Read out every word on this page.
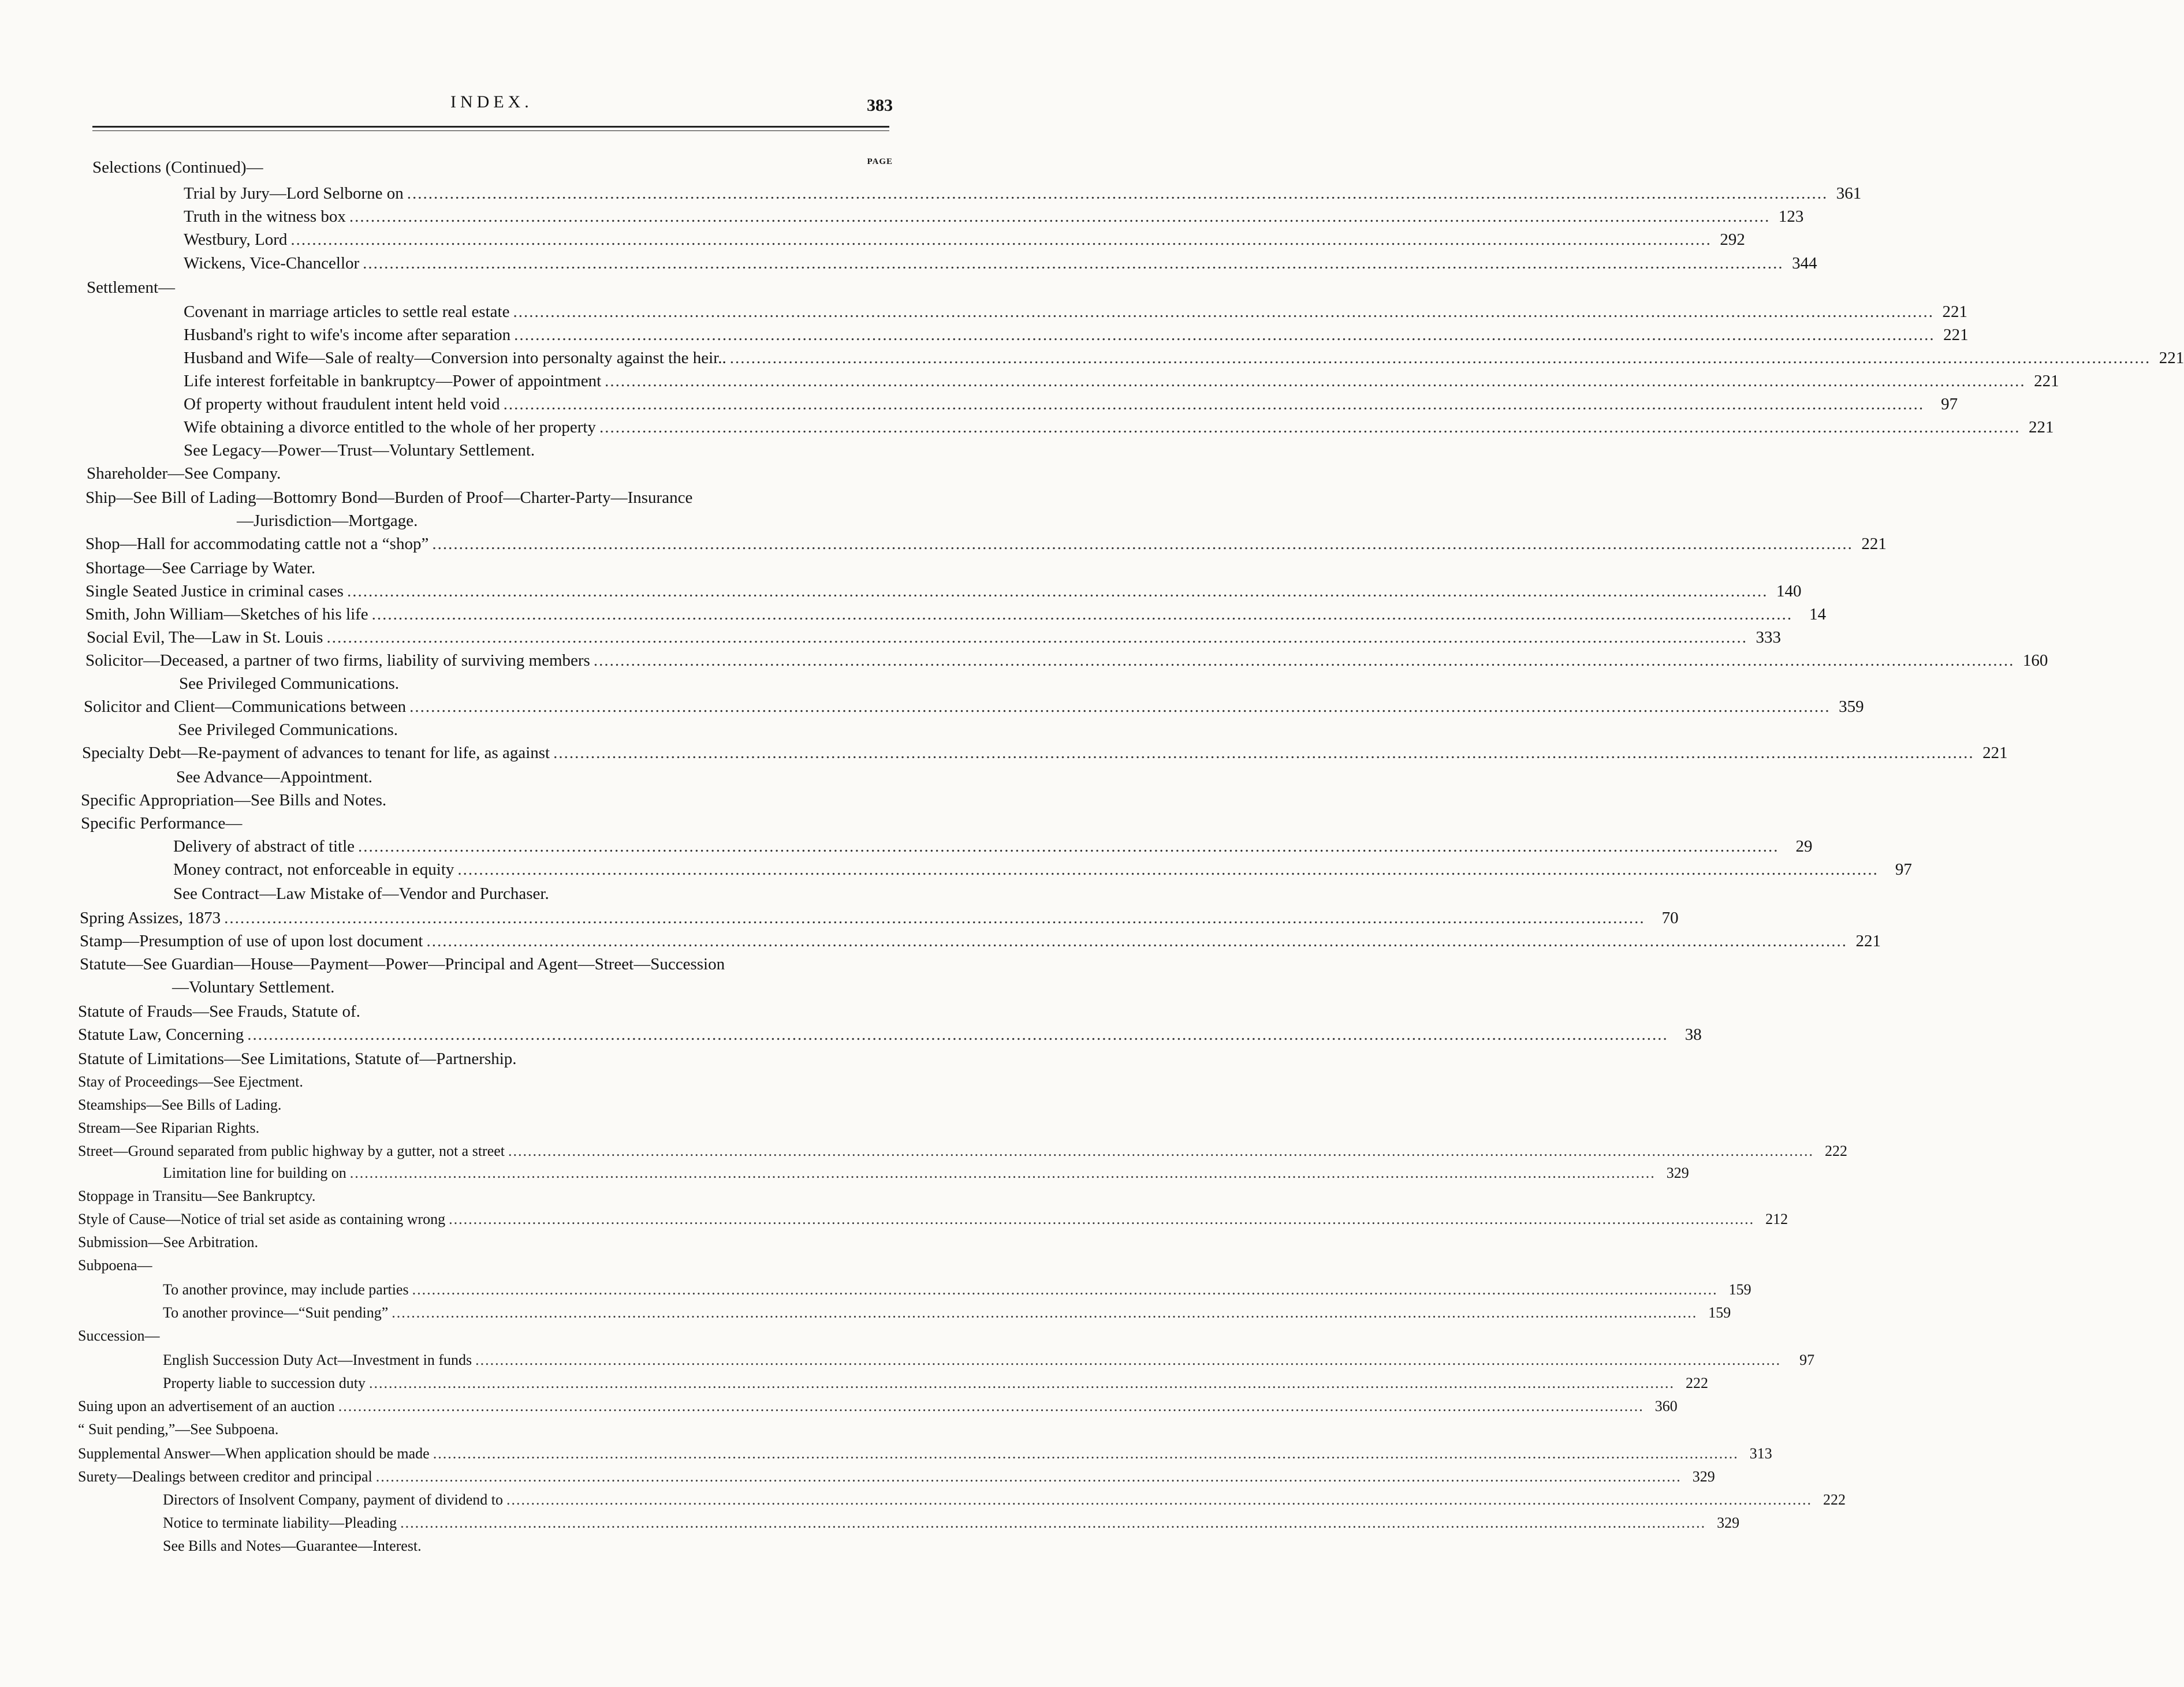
INDEX.	383
PAGE
Selections (Continued)—
Trial by Jury—Lord Selborne on .....	361
Truth in the witness box .....	123
Westbury, Lord .....	292
Wickens, Vice-Chancellor .....	344
Settlement—
Covenant in marriage articles to settle real estate .....	221
Husband's right to wife's income after separation .....	221
Husband and Wife—Sale of realty—Conversion into personalty against the heir.. .....	221
Life interest forfeitable in bankruptcy—Power of appointment .....	221
Of property without fraudulent intent held void .....	97
Wife obtaining a divorce entitled to the whole of her property .....	221
See Legacy—Power—Trust—Voluntary Settlement.
Shareholder—See Company.
Ship—See Bill of Lading—Bottomry Bond—Burden of Proof—Charter-Party—Insurance
—Jurisdiction—Mortgage.
Shop—Hall for accommodating cattle not a “shop” .....	221
Shortage—See Carriage by Water.
Single Seated Justice in criminal cases .....	140
Smith, John William—Sketches of his life .....	14
Social Evil, The—Law in St. Louis .....	333
Solicitor—Deceased, a partner of two firms, liability of surviving members .....	160
See Privileged Communications.
Solicitor and Client—Communications between .....	359
See Privileged Communications.
Specialty Debt—Re-payment of advances to tenant for life, as against .....	221
See Advance—Appointment.
Specific Appropriation—See Bills and Notes.
Specific Performance—
Delivery of abstract of title .....	29
Money contract, not enforceable in equity .....	97
See Contract—Law Mistake of—Vendor and Purchaser.
Spring Assizes, 1873 .....	70
Stamp—Presumption of use of upon lost document .....	221
Statute—See Guardian—House—Payment—Power—Principal and Agent—Street—Succession
—Voluntary Settlement.
Statute of Frauds—See Frauds, Statute of.
Statute Law, Concerning .....	38
Statute of Limitations—See Limitations, Statute of—Partnership.
Stay of Proceedings—See Ejectment.
Steamships—See Bills of Lading.
Stream—See Riparian Rights.
Street—Ground separated from public highway by a gutter, not a street .....	222
Limitation line for building on .....	329
Stoppage in Transitu—See Bankruptcy.
Style of Cause—Notice of trial set aside as containing wrong .....	212
Submission—See Arbitration.
Subpoena—
To another province, may include parties .....	159
To another province—“Suit pending” .....	159
Succession—
English Succession Duty Act—Investment in funds .....	97
Property liable to succession duty .....	222
Suing upon an advertisement of an auction .....	360
“ Suit pending,”—See Subpoena.
Supplemental Answer—When application should be made .....	313
Surety—Dealings between creditor and principal .....	329
Directors of Insolvent Company, payment of dividend to .....	222
Notice to terminate liability—Pleading .....	329
See Bills and Notes—Guarantee—Interest.
